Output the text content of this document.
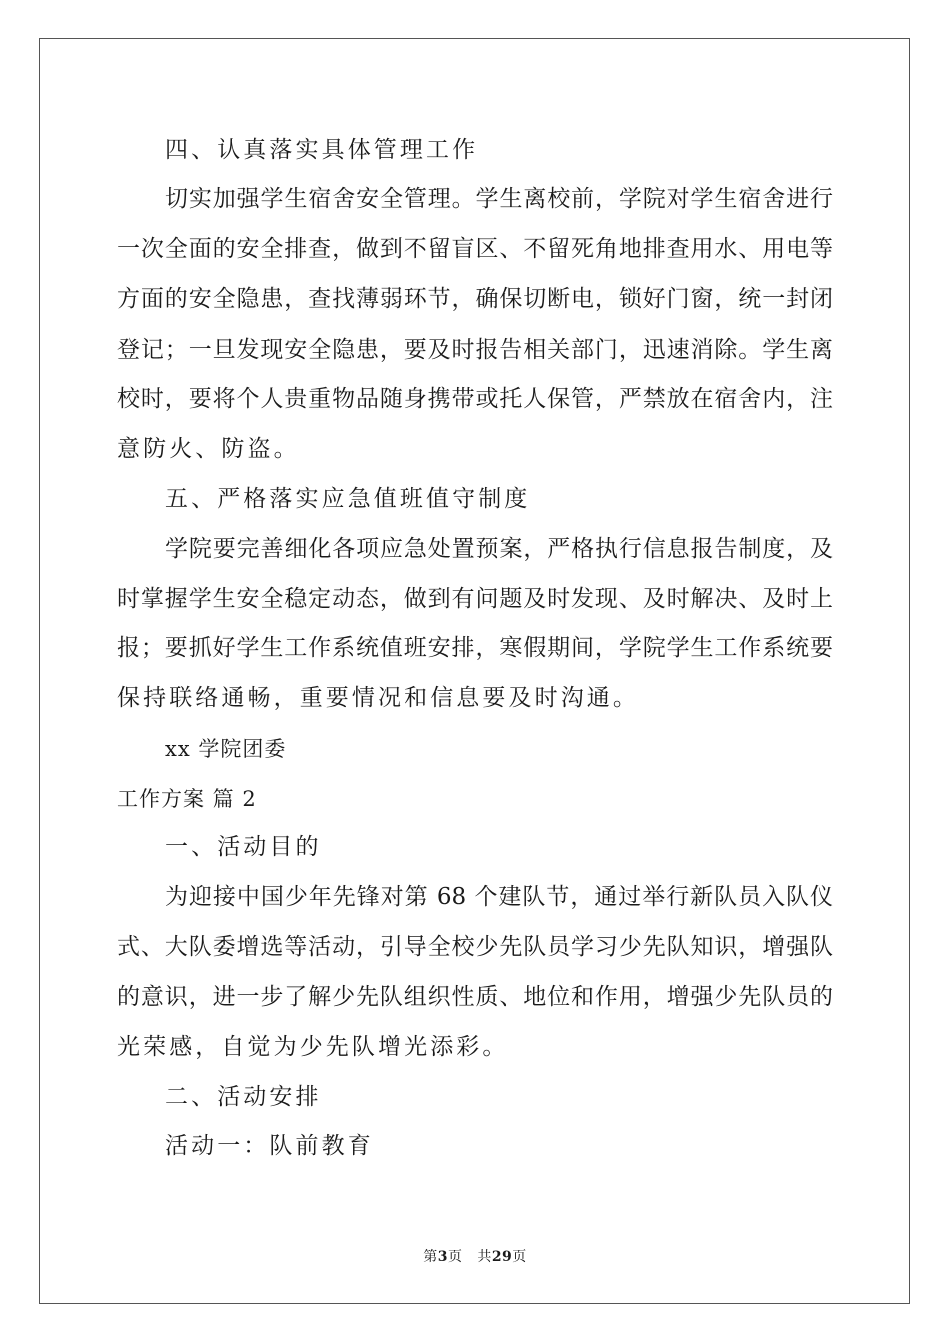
四、认真落实具体管理工作
切实加强学生宿舍安全管理。学生离校前，学院对学生宿舍进行
一次全面的安全排查，做到不留盲区、不留死角地排查用水、用电等
方面的安全隐患，查找薄弱环节，确保切断电，锁好门窗，统一封闭
登记；一旦发现安全隐患，要及时报告相关部门，迅速消除。学生离
校时，要将个人贵重物品随身携带或托人保管，严禁放在宿舍内，注
意防火、防盗。
五、严格落实应急值班值守制度
学院要完善细化各项应急处置预案，严格执行信息报告制度，及
时掌握学生安全稳定动态，做到有问题及时发现、及时解决、及时上
报；要抓好学生工作系统值班安排，寒假期间，学院学生工作系统要
保持联络通畅，重要情况和信息要及时沟通。
xx 学院团委
工作方案 篇 2
一、活动目的
为迎接中国少年先锋对第 68 个建队节，通过举行新队员入队仪
式、大队委增选等活动，引导全校少先队员学习少先队知识，增强队
的意识，进一步了解少先队组织性质、地位和作用，增强少先队员的
光荣感，自觉为少先队增光添彩。
二、活动安排
活动一：队前教育
第3页 共29页
